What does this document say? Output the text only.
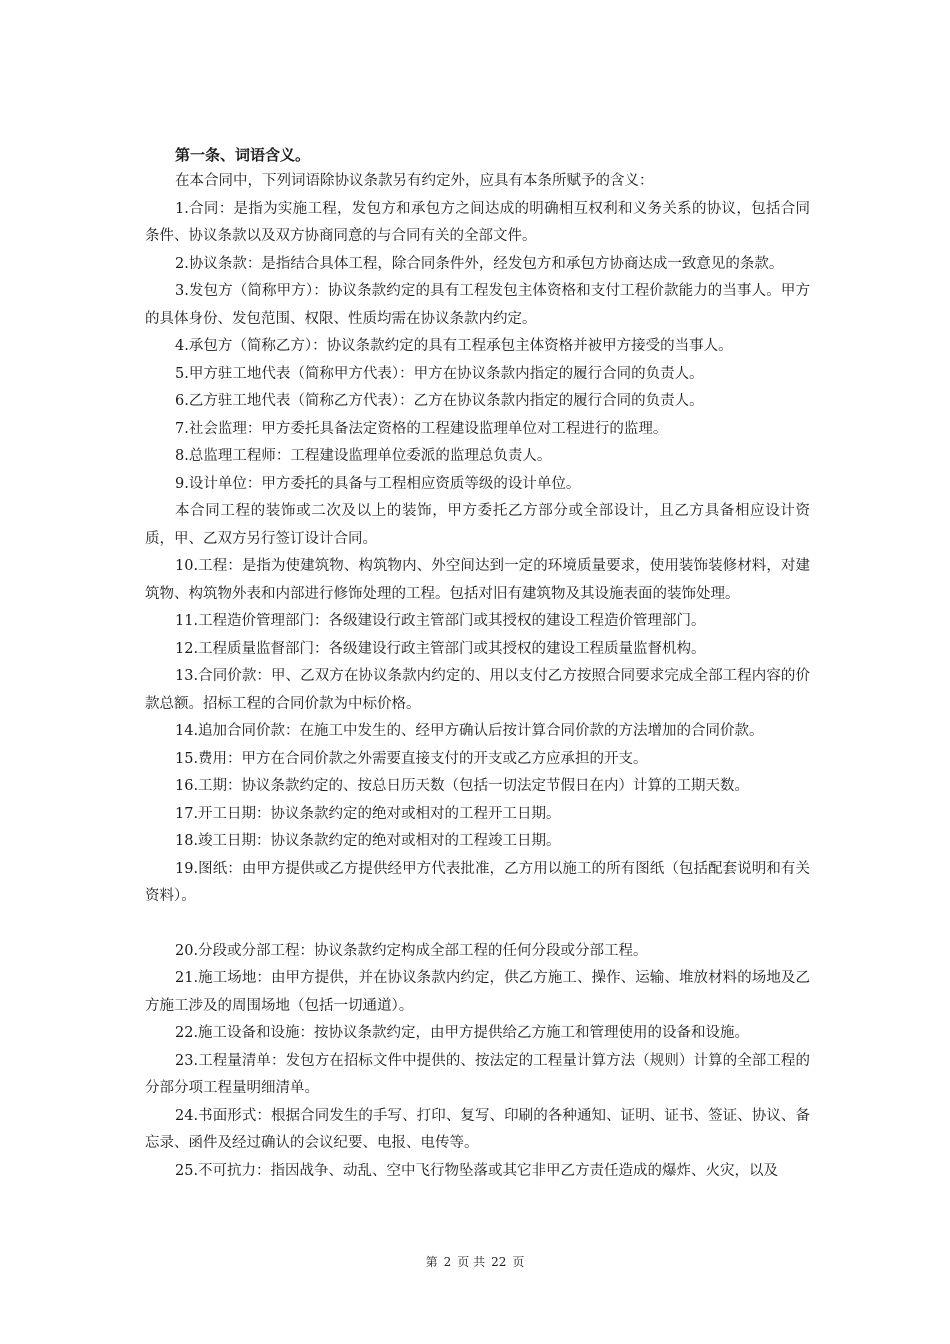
第一条、词语含义。

在本合同中，下列词语除协议条款另有约定外，应具有本条所赋予的含义：

1.合同：是指为实施工程，发包方和承包方之间达成的明确相互权利和义务关系的协议，包括合同条件、协议条款以及双方协商同意的与合同有关的全部文件。

2.协议条款：是指结合具体工程，除合同条件外，经发包方和承包方协商达成一致意见的条款。

3.发包方（简称甲方）：协议条款约定的具有工程发包主体资格和支付工程价款能力的当事人。甲方的具体身份、发包范围、权限、性质均需在协议条款内约定。

4.承包方（简称乙方）：协议条款约定的具有工程承包主体资格并被甲方接受的当事人。

5.甲方驻工地代表（简称甲方代表）：甲方在协议条款内指定的履行合同的负责人。

6.乙方驻工地代表（简称乙方代表）：乙方在协议条款内指定的履行合同的负责人。

7.社会监理：甲方委托具备法定资格的工程建设监理单位对工程进行的监理。

8.总监理工程师：工程建设监理单位委派的监理总负责人。

9.设计单位：甲方委托的具备与工程相应资质等级的设计单位。

本合同工程的装饰或二次及以上的装饰，甲方委托乙方部分或全部设计，且乙方具备相应设计资质，甲、乙双方另行签订设计合同。

10.工程：是指为使建筑物、构筑物内、外空间达到一定的环境质量要求，使用装饰装修材料，对建筑物、构筑物外表和内部进行修饰处理的工程。包括对旧有建筑物及其设施表面的装饰处理。

11.工程造价管理部门：各级建设行政主管部门或其授权的建设工程造价管理部门。

12.工程质量监督部门：各级建设行政主管部门或其授权的建设工程质量监督机构。

13.合同价款：甲、乙双方在协议条款内约定的、用以支付乙方按照合同要求完成全部工程内容的价款总额。招标工程的合同价款为中标价格。

14.追加合同价款：在施工中发生的、经甲方确认后按计算合同价款的方法增加的合同价款。

15.费用：甲方在合同价款之外需要直接支付的开支或乙方应承担的开支。

16.工期：协议条款约定的、按总日历天数（包括一切法定节假日在内）计算的工期天数。

17.开工日期：协议条款约定的绝对或相对的工程开工日期。

18.竣工日期：协议条款约定的绝对或相对的工程竣工日期。

19.图纸：由甲方提供或乙方提供经甲方代表批准，乙方用以施工的所有图纸（包括配套说明和有关资料）。

20.分段或分部工程：协议条款约定构成全部工程的任何分段或分部工程。

21.施工场地：由甲方提供，并在协议条款内约定，供乙方施工、操作、运输、堆放材料的场地及乙方施工涉及的周围场地（包括一切通道）。

22.施工设备和设施：按协议条款约定，由甲方提供给乙方施工和管理使用的设备和设施。

23.工程量清单：发包方在招标文件中提供的、按法定的工程量计算方法（规则）计算的全部工程的分部分项工程量明细清单。

24.书面形式：根据合同发生的手写、打印、复写、印刷的各种通知、证明、证书、签证、协议、备忘录、函件及经过确认的会议纪要、电报、电传等。

25.不可抗力：指因战争、动乱、空中飞行物坠落或其它非甲乙方责任造成的爆炸、火灾，以及

第 2 页 共 22 页
